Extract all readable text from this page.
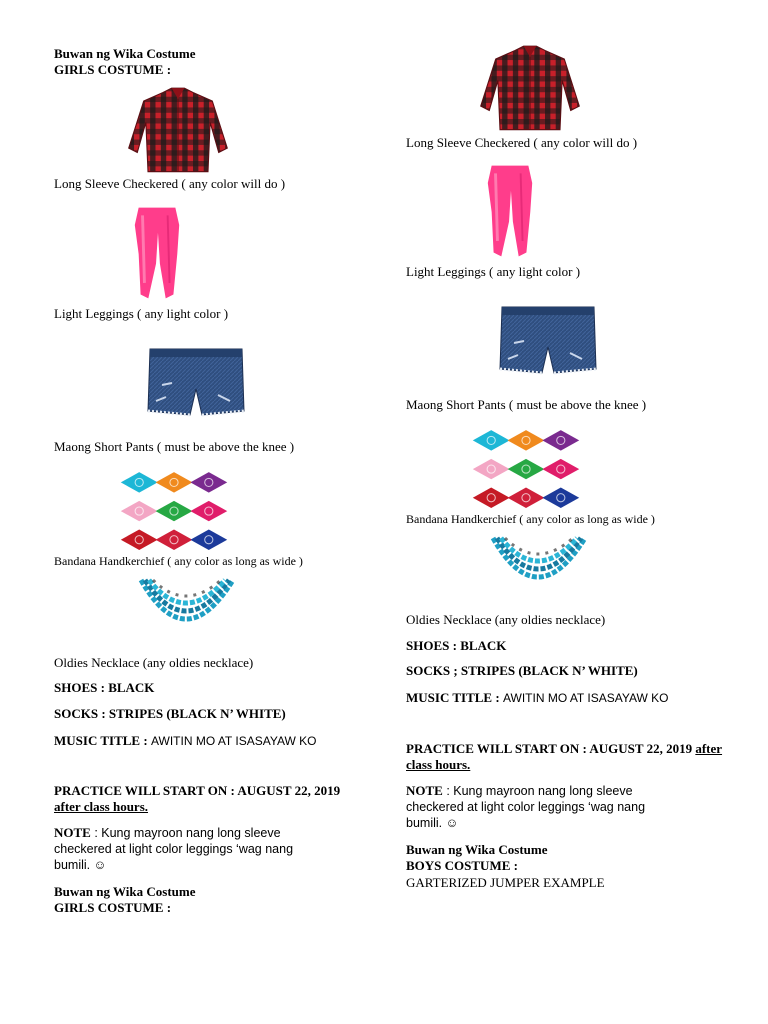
Buwan ng Wika Costume
GIRLS COSTUME :
Long Sleeve Checkered ( any color will do )
Light Leggings ( any light color )
Maong Short Pants ( must be above the knee )
Bandana Handkerchief ( any color as long as wide )
Oldies Necklace (any oldies necklace)
SHOES : BLACK
SOCKS : STRIPES (BLACK N’ WHITE)
MUSIC TITLE : AWITIN MO AT ISASAYAW KO
PRACTICE WILL START ON : AUGUST 22, 2019 after class hours.
NOTE : Kung mayroon nang long sleeve checkered at light color leggings ‘wag nang bumili. ☺
Buwan ng Wika Costume
GIRLS COSTUME :
Long Sleeve Checkered ( any color will do )
Light Leggings ( any light color )
Maong Short Pants ( must be above the knee )
Bandana Handkerchief ( any color as long as wide )
Oldies Necklace (any oldies necklace)
SHOES : BLACK
SOCKS ; STRIPES (BLACK N’ WHITE)
MUSIC TITLE : AWITIN MO AT ISASAYAW KO
PRACTICE WILL START ON : AUGUST 22, 2019 after class hours.
NOTE : Kung mayroon nang long sleeve checkered at light color leggings ‘wag nang bumili. ☺
Buwan ng Wika Costume
BOYS COSTUME :
GARTERIZED JUMPER EXAMPLE
